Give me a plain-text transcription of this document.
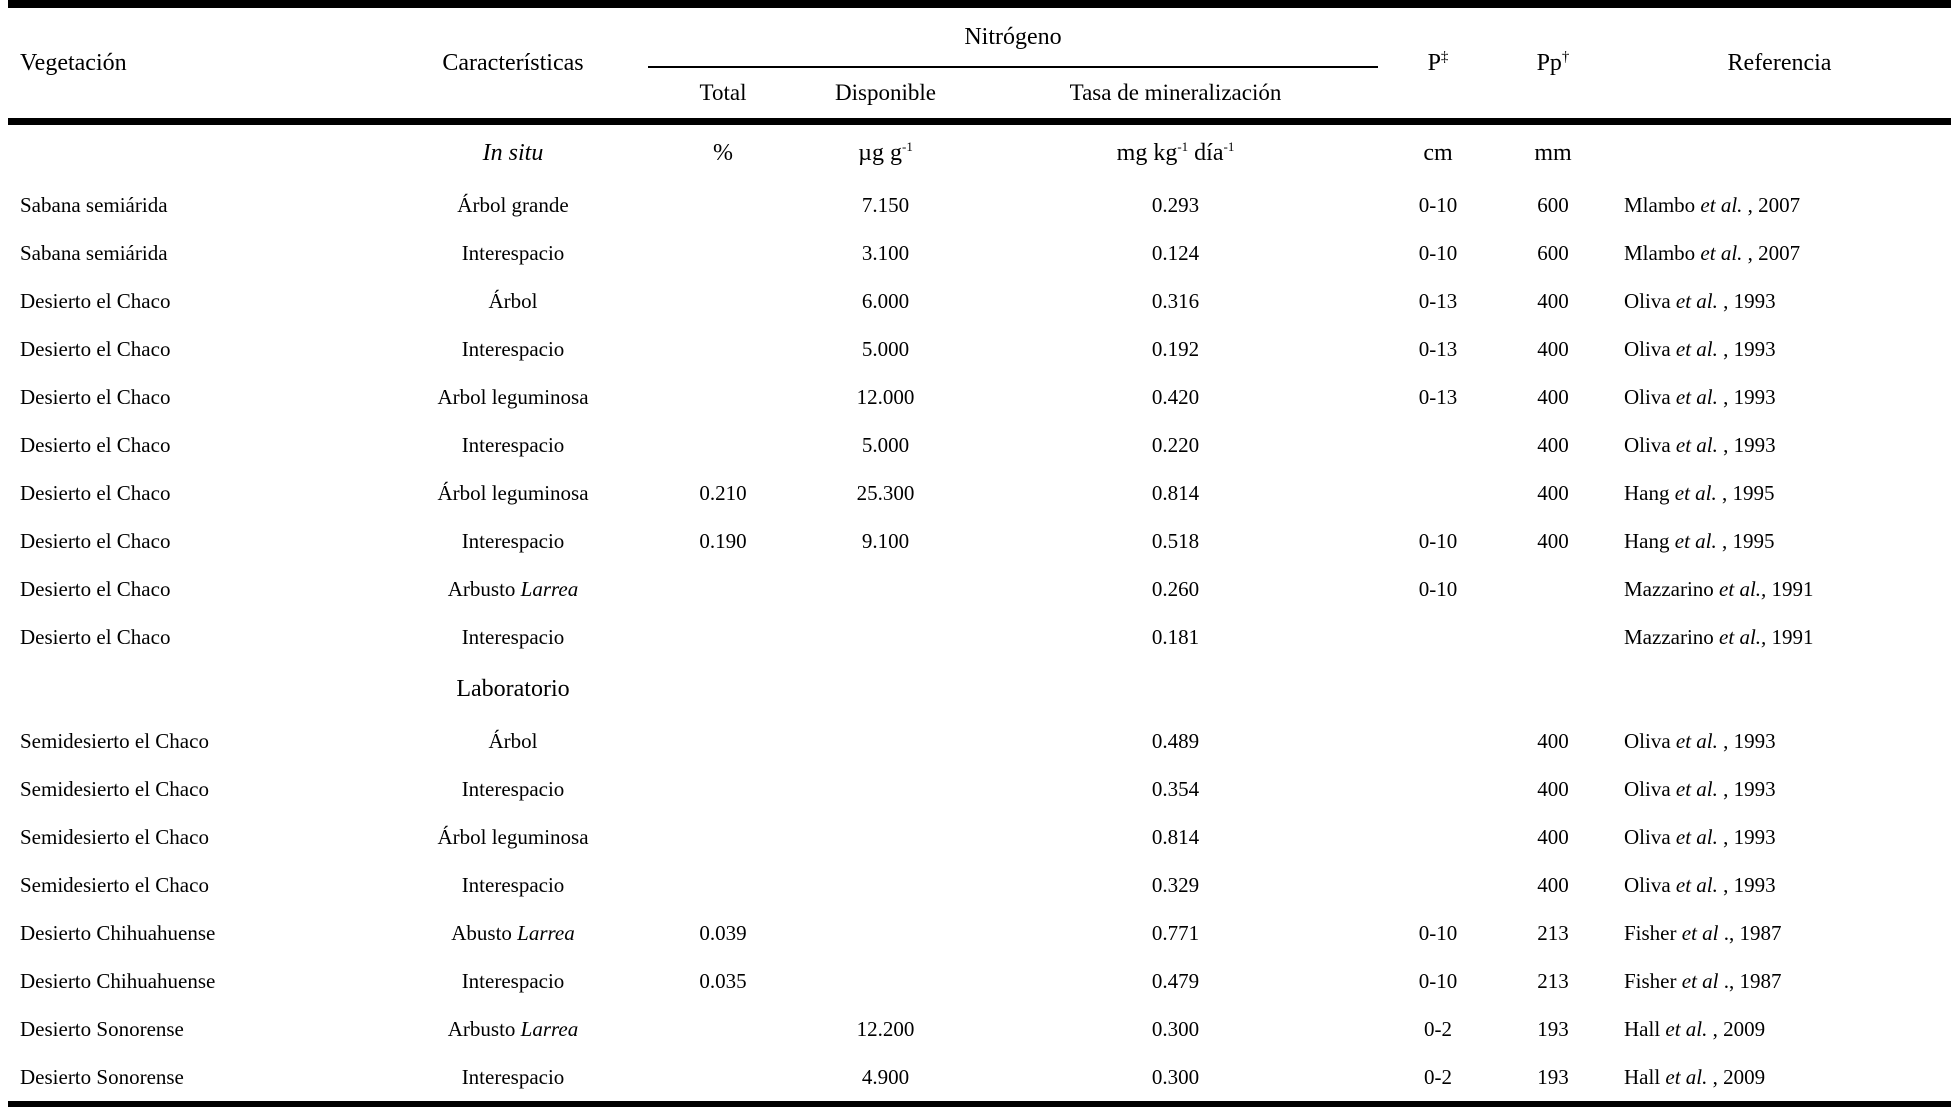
Vegetación	Características	Nitrógeno			P‡	Pp†	Referencia
		Total	Disponible	Tasa de mineralización			
	In situ	%	µg $g^{-1}$	mg $kg^{-1}$ día$^{-1}$	cm	mm	
Sabana semiárida	Árbol grande		7.150	0.293	0-10	600	Mlambo et al. , 2007
Sabana semiárida	Interespacio		3.100	0.124	0-10	600	Mlambo et al. , 2007
Desierto el Chaco	Árbol		6.000	0.316	0-13	400	Oliva et al. , 1993
Desierto el Chaco	Interespacio		5.000	0.192	0-13	400	Oliva et al. , 1993
Desierto el Chaco	Arbol leguminosa		12.000	0.420	0-13	400	Oliva et al. , 1993
Desierto el Chaco	Interespacio		5.000	0.220		400	Oliva et al. , 1993
Desierto el Chaco	Árbol leguminosa	0.210	25.300	0.814		400	Hang et al. , 1995
Desierto el Chaco	Interespacio	0.190	9.100	0.518	0-10	400	Hang et al. , 1995
Desierto el Chaco	Arbusto Larrea			0.260	0-10		Mazzarino et al., 1991
Desierto el Chaco	Interespacio			0.181			Mazzarino et al., 1991
	Laboratorio						
Semidesierto el Chaco	Árbol			0.489		400	Oliva et al. , 1993
Semidesierto el Chaco	Interespacio			0.354		400	Oliva et al. , 1993
Semidesierto el Chaco	Árbol leguminosa			0.814		400	Oliva et al. , 1993
Semidesierto el Chaco	Interespacio			0.329		400	Oliva et al. , 1993
Desierto Chihuahuense	Abusto Larrea	0.039		0.771	0-10	213	Fisher et al ., 1987
Desierto Chihuahuense	Interespacio	0.035		0.479	0-10	213	Fisher et al ., 1987
Desierto Sonorense	Arbusto Larrea		12.200	0.300	0-2	193	Hall et al. , 2009
Desierto Sonorense	Interespacio		4.900	0.300	0-2	193	Hall et al. , 2009
